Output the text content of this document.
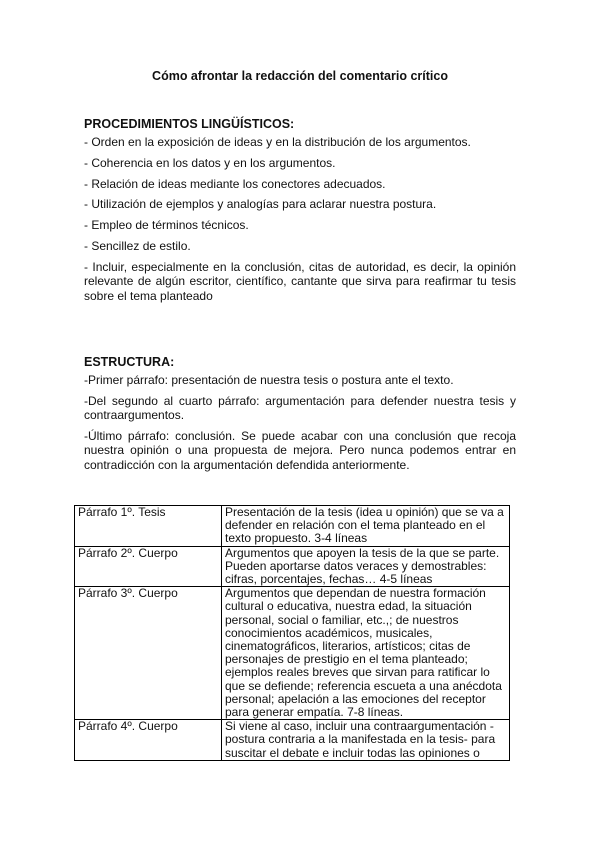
Cómo afrontar la redacción del comentario crítico
PROCEDIMIENTOS LINGÜÍSTICOS:
- Orden en la exposición de ideas y en la distribución de los argumentos.
- Coherencia en los datos y en los argumentos.
- Relación de ideas mediante los conectores adecuados.
- Utilización de ejemplos y analogías para aclarar nuestra postura.
- Empleo de términos técnicos.
- Sencillez de estilo.
- Incluir, especialmente en la conclusión, citas de autoridad, es decir, la opinión relevante de algún escritor, científico, cantante que sirva para reafirmar tu tesis sobre el tema planteado
ESTRUCTURA:
-Primer párrafo: presentación de nuestra tesis o postura ante el texto.
-Del segundo al cuarto párrafo: argumentación para defender nuestra tesis y contraargumentos.
-Último párrafo: conclusión. Se puede acabar con una conclusión que recoja nuestra opinión o una propuesta de mejora. Pero nunca podemos entrar en contradicción con la argumentación defendida anteriormente.
Párrafo 1º. Tesis	Presentación de la tesis (idea u opinión) que se va a defender en relación con el tema planteado en el texto propuesto. 3-4 líneas
Párrafo 2º. Cuerpo	Argumentos que apoyen la tesis de la que se parte. Pueden aportarse datos veraces y demostrables: cifras, porcentajes, fechas… 4-5 líneas
Párrafo 3º. Cuerpo	Argumentos que dependan de nuestra formación cultural o educativa, nuestra edad, la situación personal, social o familiar, etc.,; de nuestros conocimientos académicos, musicales, cinematográficos, literarios, artísticos; citas de personajes de prestigio en el tema planteado; ejemplos reales breves que sirvan para ratificar lo que se defiende; referencia escueta a una anécdota personal; apelación a las emociones del receptor para generar empatía. 7-8 líneas.
Párrafo 4º. Cuerpo	Si viene al caso, incluir una contraargumentación - postura contraria a la manifestada en la tesis- para suscitar el debate e incluir todas las opiniones o
